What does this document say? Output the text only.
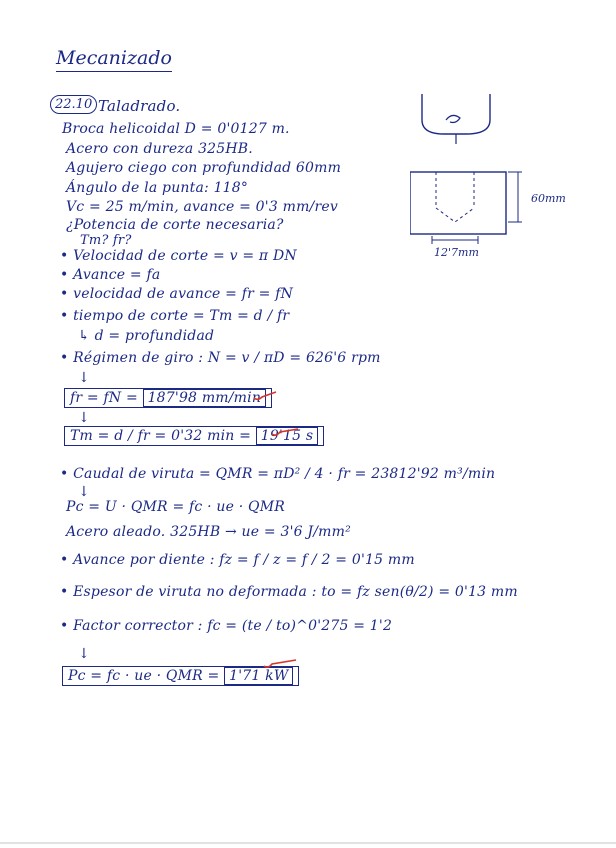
Mecanizado
22.10 Taladrado.
Broca helicoidal D = 0'0127 m.
Acero con dureza 325HB.
Agujero ciego con profundidad 60mm
Ángulo de la punta: 118°
Vc = 25 m/min, avance = 0'3 mm/rev
¿Potencia de corte necesaria?
Tm? fr?
• Velocidad de corte = v = π DN
• Avance = fa
• velocidad de avance = fr = fN
• tiempo de corte = Tm = d / fr
↳ d = profundidad
• Régimen de giro : N = v / πD = 626'6 rpm
↓
fr = fN = 187'98 mm/min
↓
Tm = d / fr = 0'32 min = 19'15 s
• Caudal de viruta = QMR = πD² / 4 · fr = 23812'92 m³/min
↓
Pc = U · QMR = fc · ue · QMR
Acero aleado. 325HB → ue = 3'6 J/mm²
• Avance por diente : fz = f / z = f / 2 = 0'15 mm
• Espesor de viruta no deformada : to = fz sen(θ/2) = 0'13 mm
• Factor corrector : fc = (te / to)^0'275 = 1'2
↓
Pc = fc · ue · QMR = 1'71 kW
60mm
12'7mm
